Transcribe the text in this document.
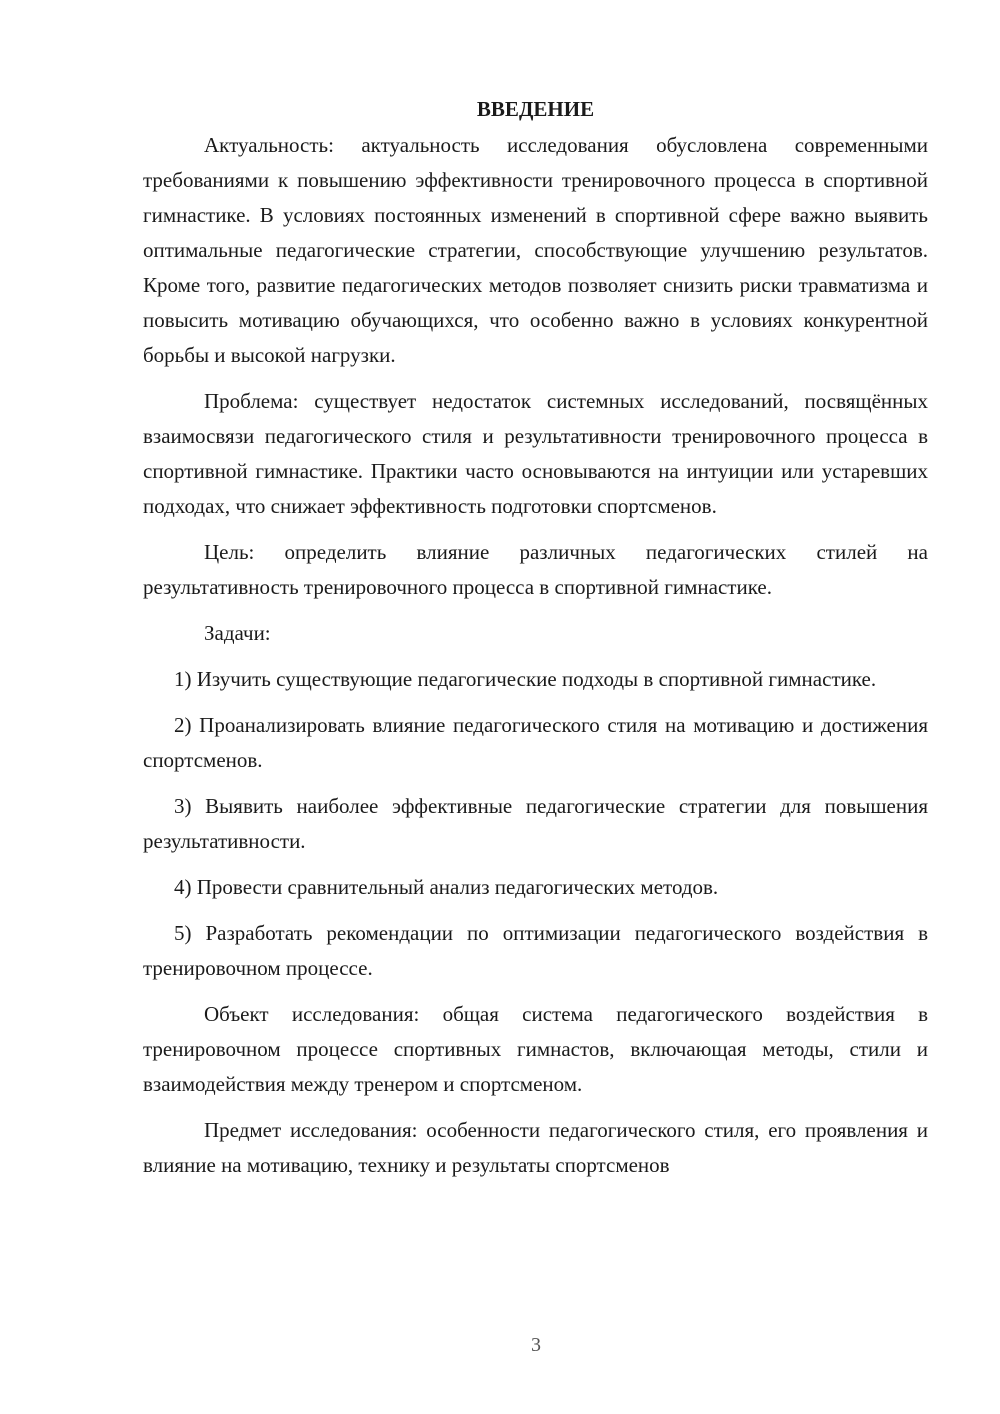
ВВЕДЕНИЕ

Актуальность: актуальность исследования обусловлена современными требованиями к повышению эффективности тренировочного процесса в спортивной гимнастике. В условиях постоянных изменений в спортивной сфере важно выявить оптимальные педагогические стратегии, способствующие улучшению результатов. Кроме того, развитие педагогических методов позволяет снизить риски травматизма и повысить мотивацию обучающихся, что особенно важно в условиях конкурентной борьбы и высокой нагрузки.

Проблема: существует недостаток системных исследований, посвящённых взаимосвязи педагогического стиля и результативности тренировочного процесса в спортивной гимнастике. Практики часто основываются на интуиции или устаревших подходах, что снижает эффективность подготовки спортсменов.

Цель: определить влияние различных педагогических стилей на результативность тренировочного процесса в спортивной гимнастике.

Задачи:

1) Изучить существующие педагогические подходы в спортивной гимнастике.

2) Проанализировать влияние педагогического стиля на мотивацию и достижения спортсменов.

3) Выявить наиболее эффективные педагогические стратегии для повышения результативности.

4) Провести сравнительный анализ педагогических методов.

5) Разработать рекомендации по оптимизации педагогического воздействия в тренировочном процессе.

Объект исследования: общая система педагогического воздействия в тренировочном процессе спортивных гимнастов, включающая методы, стили и взаимодействия между тренером и спортсменом.

Предмет исследования: особенности педагогического стиля, его проявления и влияние на мотивацию, технику и результаты спортсменов

3
